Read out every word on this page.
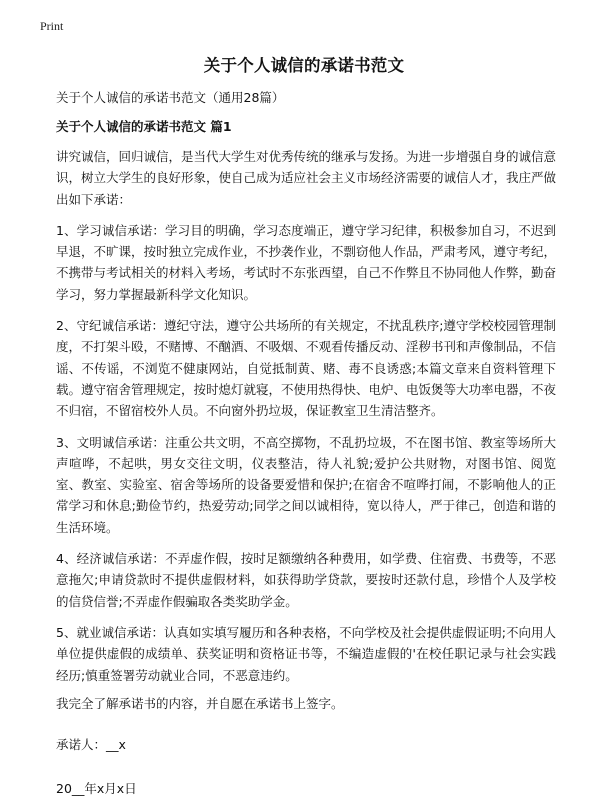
Print
关于个人诚信的承诺书范文
关于个人诚信的承诺书范文（通用28篇）
关于个人诚信的承诺书范文 篇1

讲究诚信，回归诚信，是当代大学生对优秀传统的继承与发扬。为进一步增强自身的诚信意识，树立大学生的良好形象，使自己成为适应社会主义市场经济需要的诚信人才，我庄严做出如下承诺：

1、学习诚信承诺：学习目的明确，学习态度端正，遵守学习纪律，积极参加自习，不迟到早退，不旷课，按时独立完成作业，不抄袭作业，不剽窃他人作品，严肃考风，遵守考纪，不携带与考试相关的材料入考场，考试时不东张西望，自己不作弊且不协同他人作弊，勤奋学习，努力掌握最新科学文化知识。

2、守纪诚信承诺：遵纪守法，遵守公共场所的有关规定，不扰乱秩序;遵守学校校园管理制度，不打架斗殴，不赌博、不酗酒、不吸烟、不观看传播反动、淫秽书刊和声像制品，不信谣、不传谣，不浏览不健康网站，自觉抵制黄、赌、毒不良诱惑;本篇文章来自资料管理下载。遵守宿舍管理规定，按时熄灯就寝，不使用热得快、电炉、电饭煲等大功率电器，不夜不归宿，不留宿校外人员。不向窗外扔垃圾，保证教室卫生清洁整齐。

3、文明诚信承诺：注重公共文明，不高空掷物，不乱扔垃圾，不在图书馆、教室等场所大声喧哗，不起哄，男女交往文明，仪表整洁，待人礼貌;爱护公共财物，对图书馆、阅览室、教室、实验室、宿舍等场所的设备要爱惜和保护;在宿舍不喧哗打闹，不影响他人的正常学习和休息;勤俭节约，热爱劳动;同学之间以诚相待，宽以待人，严于律己，创造和谐的生活环境。

4、经济诚信承诺：不弄虚作假，按时足额缴纳各种费用，如学费、住宿费、书费等，不恶意拖欠;申请贷款时不提供虚假材料，如获得助学贷款，要按时还款付息，珍惜个人及学校的信贷信誉;不弄虚作假骗取各类奖助学金。

5、就业诚信承诺：认真如实填写履历和各种表格，不向学校及社会提供虚假证明;不向用人单位提供虚假的成绩单、获奖证明和资格证书等，不编造虚假的'在校任职记录与社会实践经历;慎重签署劳动就业合同，不恶意违约。

我完全了解承诺书的内容，并自愿在承诺书上签字。
承诺人：__x
20__年x月x日
